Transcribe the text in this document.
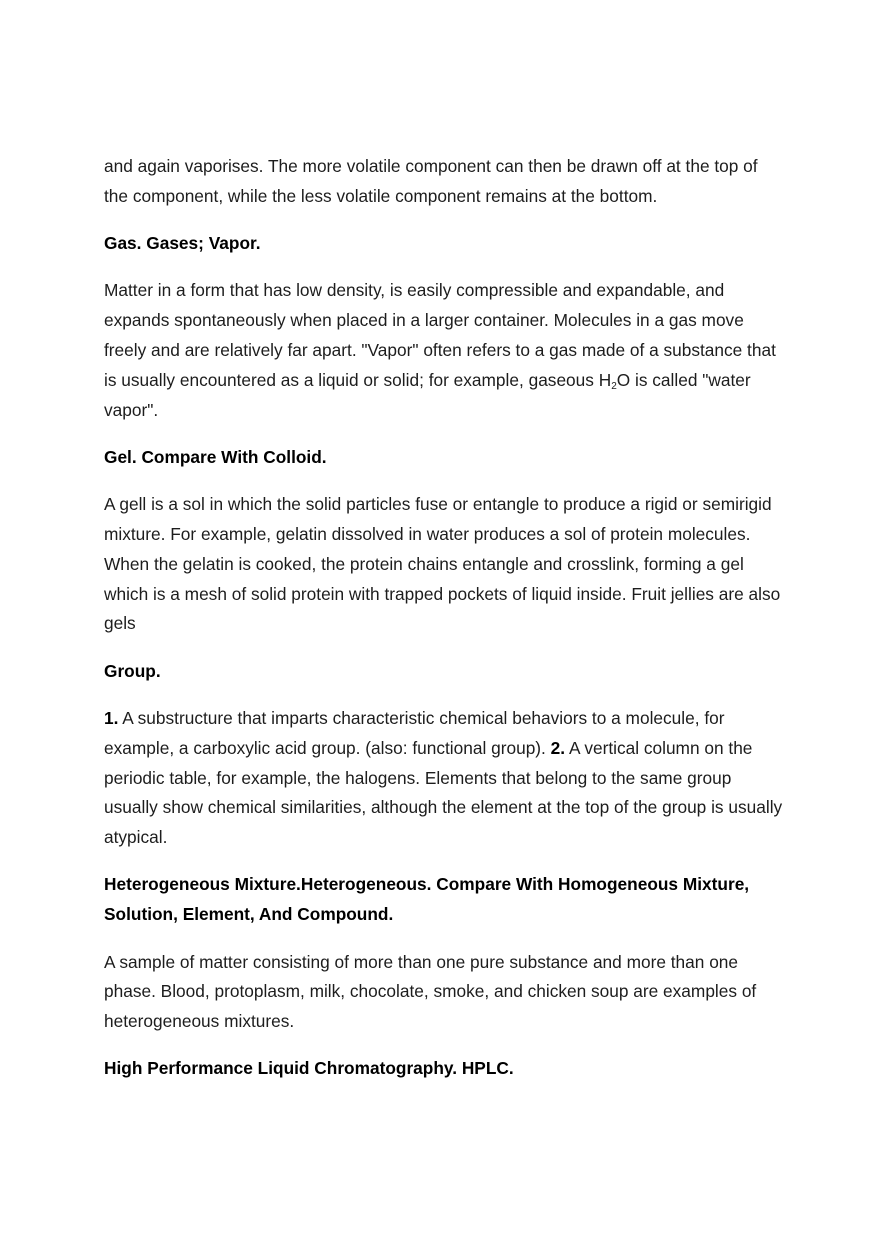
and again vaporises. The more volatile component can then be drawn off at the top of the component, while the less volatile component remains at the bottom.

Gas. Gases; Vapor.

Matter in a form that has low density, is easily compressible and expandable, and expands spontaneously when placed in a larger container. Molecules in a gas move freely and are relatively far apart. "Vapor" often refers to a gas made of a substance that is usually encountered as a liquid or solid; for example, gaseous $H_2O$ is called "water vapor".

Gel. Compare With Colloid.

A gell is a sol in which the solid particles fuse or entangle to produce a rigid or semirigid mixture. For example, gelatin dissolved in water produces a sol of protein molecules. When the gelatin is cooked, the protein chains entangle and crosslink, forming a gel which is a mesh of solid protein with trapped pockets of liquid inside. Fruit jellies are also gels

Group.

1. A substructure that imparts characteristic chemical behaviors to a molecule, for example, a carboxylic acid group. (also: functional group). 2. A vertical column on the periodic table, for example, the halogens. Elements that belong to the same group usually show chemical similarities, although the element at the top of the group is usually atypical.

Heterogeneous Mixture.Heterogeneous. Compare With Homogeneous Mixture, Solution, Element, And Compound.

A sample of matter consisting of more than one pure substance and more than one phase. Blood, protoplasm, milk, chocolate, smoke, and chicken soup are examples of heterogeneous mixtures.

High Performance Liquid Chromatography. HPLC.
